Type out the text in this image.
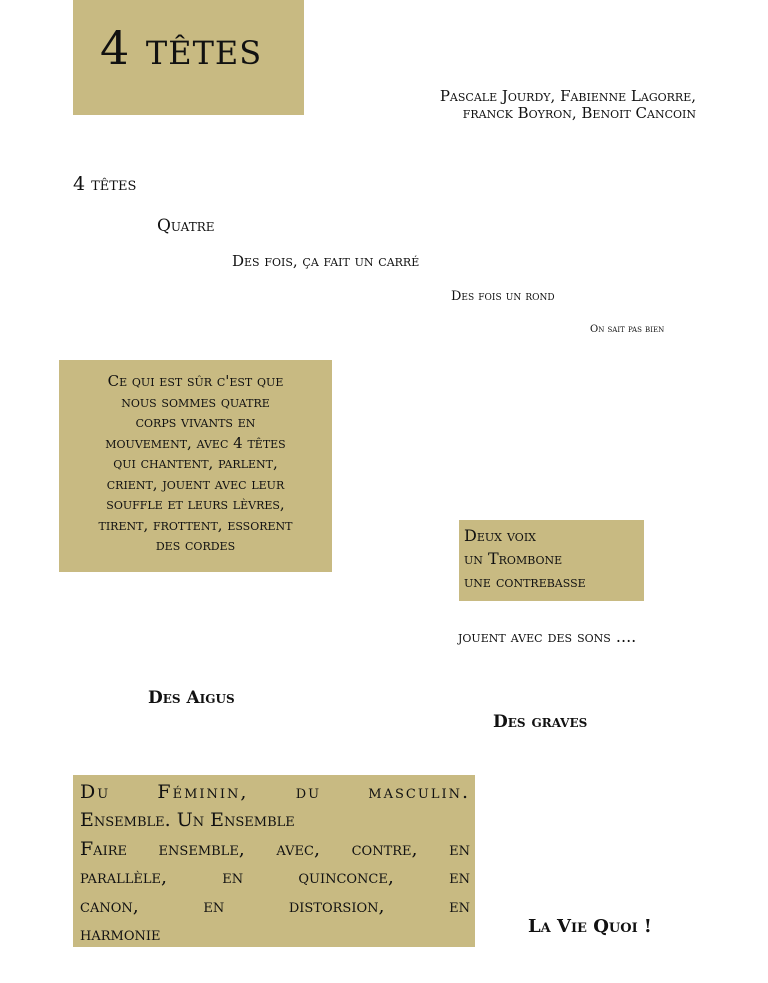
4 têtes
Pascale Jourdy, Fabienne Lagorre,
franck Boyron, Benoit Cancoin
4 têtes
Quatre
Des fois, ça fait un carré
Des fois un rond
On sait pas bien
Ce qui est sûr c'est que
nous sommes quatre
corps vivants en
mouvement, avec 4 têtes
qui chantent, parlent,
crient, jouent avec leur
souffle et leurs lèvres,
tirent, frottent, essorent
des cordes	Deux voix
un Trombone
une contrebasse
jouent avec des sons ....
Des Aigus
Des graves
Du Féminin, du masculin.
Ensemble. Un Ensemble
Faire ensemble, avec, contre, en
parallèle, en quinconce, en
canon, en distorsion, en
harmonie	La Vie Quoi !
